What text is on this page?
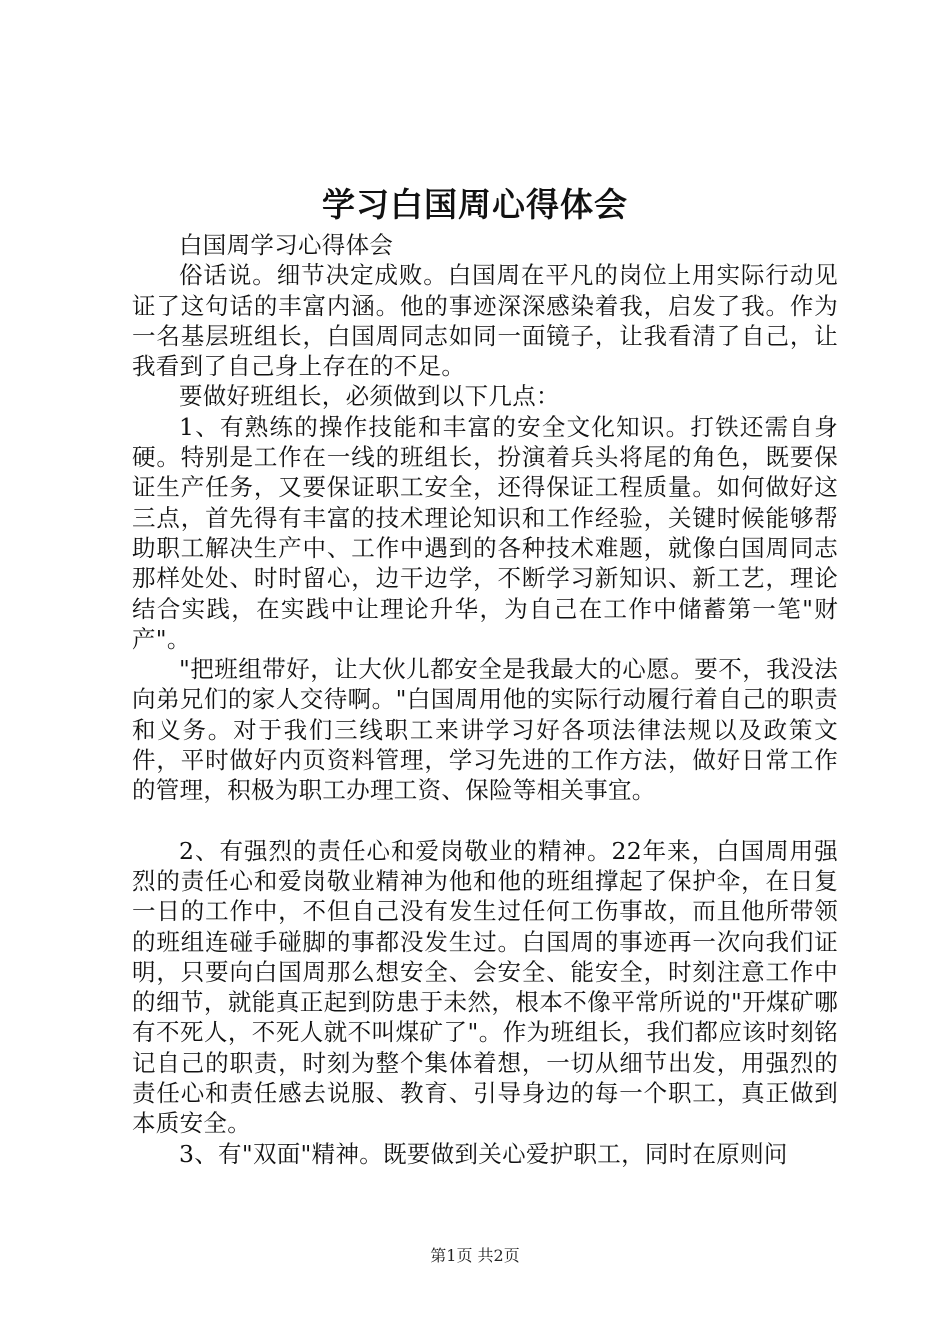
学习白国周心得体会

白国周学习心得体会

俗话说。细节决定成败。白国周在平凡的岗位上用实际行动见证了这句话的丰富内涵。他的事迹深深感染着我，启发了我。作为一名基层班组长，白国周同志如同一面镜子，让我看清了自己，让我看到了自己身上存在的不足。

要做好班组长，必须做到以下几点：

1、有熟练的操作技能和丰富的安全文化知识。打铁还需自身硬。特别是工作在一线的班组长，扮演着兵头将尾的角色，既要保证生产任务，又要保证职工安全，还得保证工程质量。如何做好这三点，首先得有丰富的技术理论知识和工作经验，关键时候能够帮助职工解决生产中、工作中遇到的各种技术难题，就像白国周同志那样处处、时时留心，边干边学，不断学习新知识、新工艺，理论结合实践，在实践中让理论升华，为自己在工作中储蓄第一笔"财产"。

"把班组带好，让大伙儿都安全是我最大的心愿。要不，我没法向弟兄们的家人交待啊。"白国周用他的实际行动履行着自己的职责和义务。对于我们三线职工来讲学习好各项法律法规以及政策文件，平时做好内页资料管理，学习先进的工作方法，做好日常工作的管理，积极为职工办理工资、保险等相关事宜。

2、有强烈的责任心和爱岗敬业的精神。22年来，白国周用强烈的责任心和爱岗敬业精神为他和他的班组撑起了保护伞，在日复一日的工作中，不但自己没有发生过任何工伤事故，而且他所带领的班组连碰手碰脚的事都没发生过。白国周的事迹再一次向我们证明，只要向白国周那么想安全、会安全、能安全，时刻注意工作中的细节，就能真正起到防患于未然，根本不像平常所说的"开煤矿哪有不死人，不死人就不叫煤矿了"。作为班组长，我们都应该时刻铭记自己的职责，时刻为整个集体着想，一切从细节出发，用强烈的责任心和责任感去说服、教育、引导身边的每一个职工，真正做到本质安全。

3、有"双面"精神。既要做到关心爱护职工，同时在原则问

第1页 共2页
